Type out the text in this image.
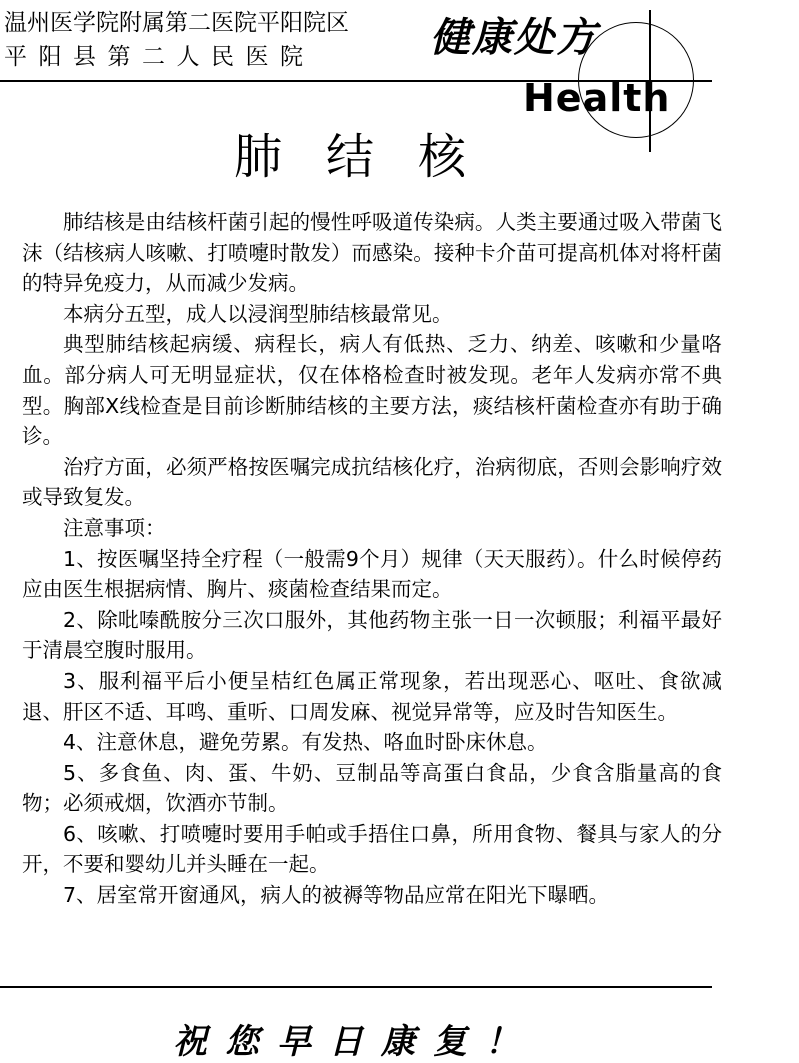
温州医学院附属第二医院平阳院区
平阳县第二人民医院	健康处方
Health
肺结核

肺结核是由结核杆菌引起的慢性呼吸道传染病。人类主要通过吸入带菌飞沫（结核病人咳嗽、打喷嚏时散发）而感染。接种卡介苗可提高机体对将杆菌的特异免疫力，从而减少发病。

本病分五型，成人以浸润型肺结核最常见。

典型肺结核起病缓、病程长，病人有低热、乏力、纳差、咳嗽和少量咯血。部分病人可无明显症状，仅在体格检查时被发现。老年人发病亦常不典型。胸部X线检查是目前诊断肺结核的主要方法，痰结核杆菌检查亦有助于确诊。

治疗方面，必须严格按医嘱完成抗结核化疗，治病彻底，否则会影响疗效或导致复发。

注意事项：

1、按医嘱坚持全疗程（一般需9个月）规律（天天服药）。什么时候停药应由医生根据病情、胸片、痰菌检查结果而定。

2、除吡嗪酰胺分三次口服外，其他药物主张一日一次顿服；利福平最好于清晨空腹时服用。

3、服利福平后小便呈桔红色属正常现象，若出现恶心、呕吐、食欲减退、肝区不适、耳鸣、重听、口周发麻、视觉异常等，应及时告知医生。

4、注意休息，避免劳累。有发热、咯血时卧床休息。

5、多食鱼、肉、蛋、牛奶、豆制品等高蛋白食品，少食含脂量高的食物；必须戒烟，饮酒亦节制。

6、咳嗽、打喷嚏时要用手帕或手捂住口鼻，所用食物、餐具与家人的分开，不要和婴幼儿并头睡在一起。

7、居室常开窗通风，病人的被褥等物品应常在阳光下曝晒。

祝您早日康复！
